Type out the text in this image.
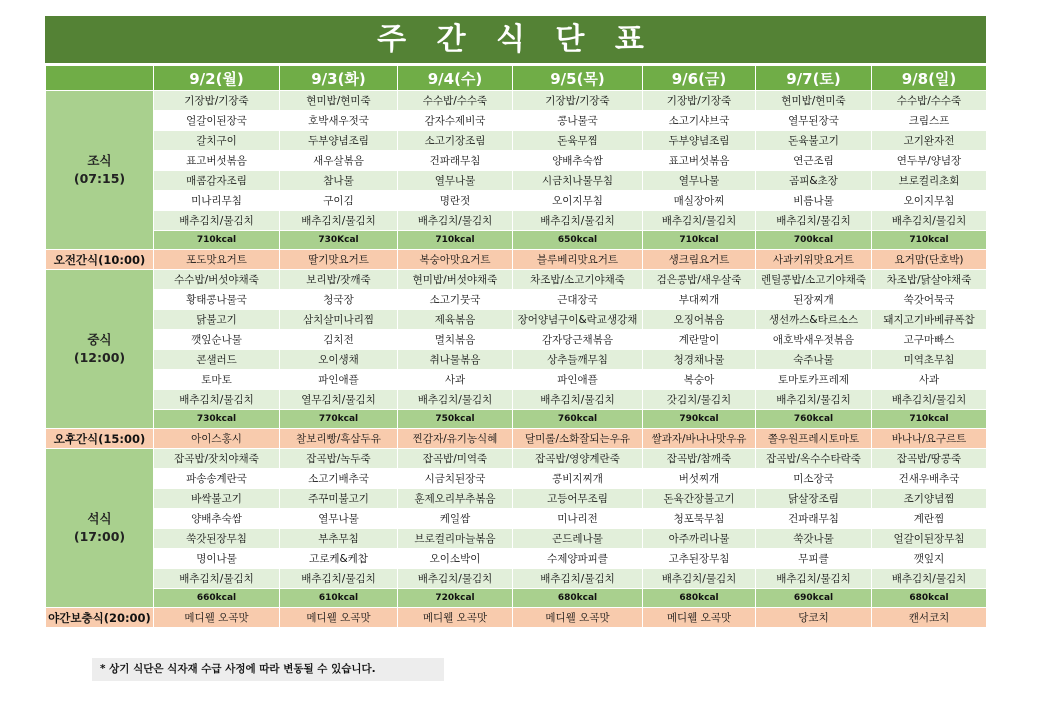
주 간 식 단 표
	9/2(월)	9/3(화)	9/4(수)	9/5(목)	9/6(금)	9/7(토)	9/8(일)

조식
(07:15)	기장밥/기장죽	현미밥/현미죽	수수밥/수수죽	기장밥/기장죽	기장밥/기장죽	현미밥/현미죽	수수밥/수수죽
	얼갈이된장국	호박새우젓국	감자수제비국	콩나물국	소고기샤브국	열무된장국	크림스프
	갈치구이	두부양념조림	소고기장조림	돈육무찜	두부양념조림	돈육불고기	고기완자전
	표고버섯볶음	새우살볶음	건파래무침	양배추숙쌈	표고버섯볶음	연근조림	연두부/양념장
	매콤감자조림	참나물	열무나물	시금치나물무침	열무나물	곰피&초장	브로컬리초회
	미나리무침	구이김	명란젓	오이지무침	매실장아찌	비름나물	오이지무침
	배추김치/물김치	배추김치/물김치	배추김치/물김치	배추김치/물김치	배추김치/물김치	배추김치/물김치	배추김치/물김치
	710kcal	730Kcal	710kcal	650kcal	710kcal	700kcal	710kcal
오전간식(10:00)	포도맛요거트	딸기맛요거트	복숭아맛요거트	블루베리맛요거트	생크림요거트	사과키위맛요거트	요거맘(단호박)

중식
(12:00)	수수밥/버섯야채죽	보리밥/잣깨죽	현미밥/버섯야채죽	차조밥/소고기야채죽	검은콩밥/새우살죽	렌틸콩밥/소고기야채죽	차조밥/닭살야채죽
	황태콩나물국	청국장	소고기뭇국	근대장국	부대찌개	된장찌개	쑥갓어묵국
	닭불고기	삼치살미나리찜	제육볶음	장어양념구이&락교생강채	오징어볶음	생선까스&타르소스	돼지고기바베큐폭찹
	깻잎순나물	김치전	멸치볶음	감자당근채볶음	계란말이	애호박새우젓볶음	고구마빠스
	콘샐러드	오이생채	취나물볶음	상추들깨무침	청경채나물	숙주나물	미역초무침
	토마토	파인애플	사과	파인애플	복숭아	토마토카프레제	사과
	배추김치/물김치	열무김치/물김치	배추김치/물김치	배추김치/물김치	갓김치/물김치	배추김치/물김치	배추김치/물김치
	730kcal	770kcal	750kcal	760kcal	790kcal	760kcal	710kcal
오후간식(15:00)	아이스홍시	찰보리빵/흑삼두유	찐감자/유기농식혜	달미롤/소화잘되는우유	쌀과자/바나나맛우유	쫄우원프레시토마토	바나나/요구르트

석식
(17:00)	잡곡밥/잣치야채죽	잡곡밥/녹두죽	잡곡밥/미역죽	잡곡밥/영양계란죽	잡곡밥/참깨죽	잡곡밥/옥수수타락죽	잡곡밥/땅콩죽
	파송송계란국	소고기배추국	시금치된장국	콩비지찌개	버섯찌개	미소장국	건새우배추국
	바싹불고기	주꾸미불고기	훈제오리부추볶음	고등어무조림	돈육간장불고기	닭살장조림	조기양념찜
	양배추숙쌈	열무나물	케일쌈	미나리전	청포묵무침	건파래무침	계란찜
	쑥갓된장무침	부추무침	브로컬리마늘볶음	곤드레나물	아주까리나물	쑥갓나물	얼갈이된장무침
	명이나물	고로케&케찹	오이소박이	수제양파피클	고추된장무침	무피클	깻잎지
	배추김치/물김치	배추김치/물김치	배추김치/물김치	배추김치/물김치	배추김치/물김치	배추김치/물김치	배추김치/물김치
	660kcal	610kcal	720kcal	680kcal	680kcal	690kcal	680kcal
야간보충식(20:00)	메디웰 오곡맛	메디웰 오곡맛	메디웰 오곡맛	메디웰 오곡맛	메디웰 오곡맛	당코치	캔서코치
* 상기 식단은 식자재 수급 사정에 따라 변동될 수 있습니다.
